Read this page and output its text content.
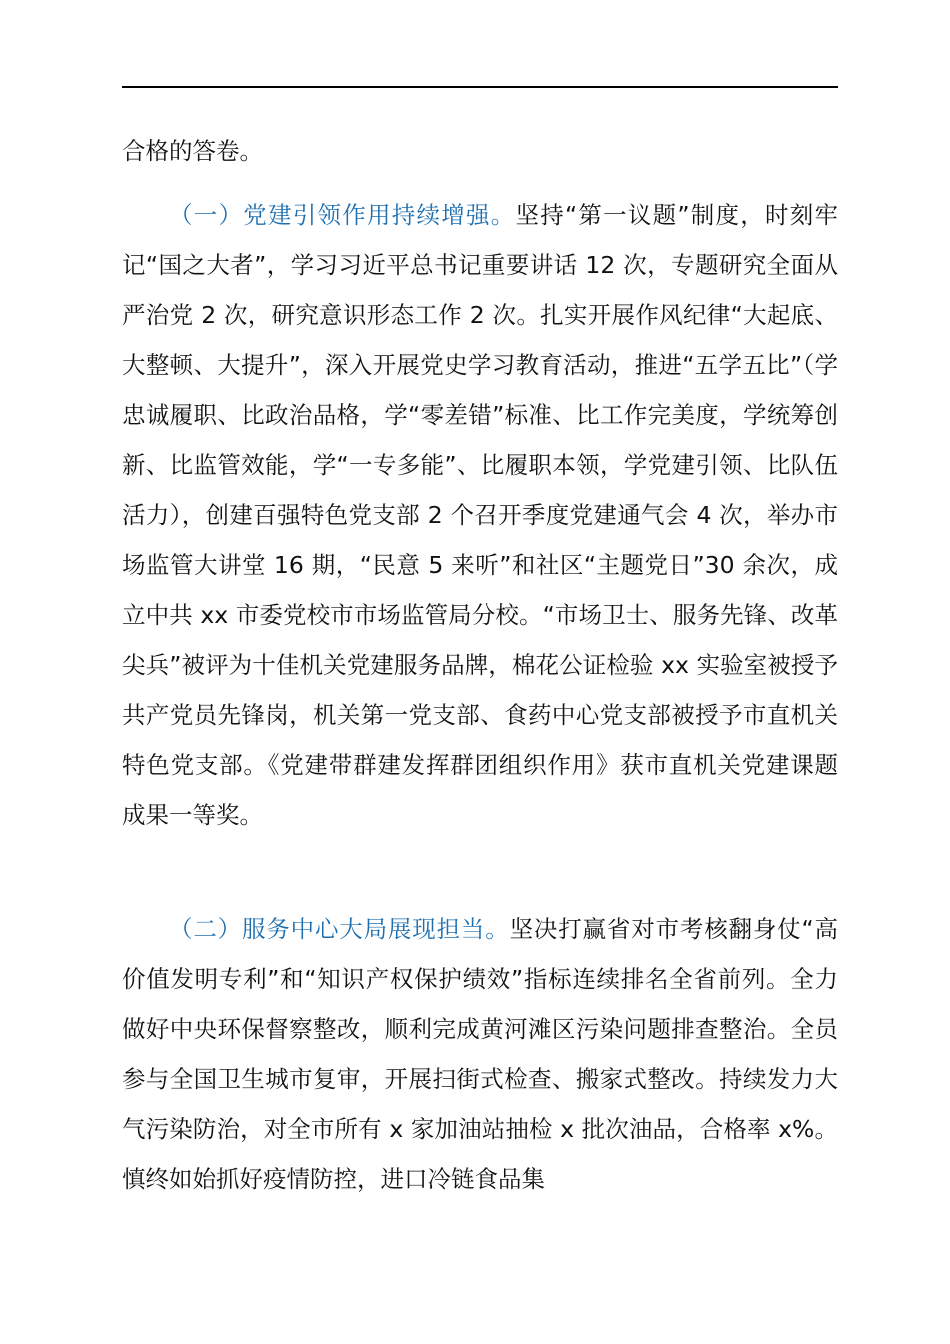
合格的答卷。

（一）党建引领作用持续增强。坚持“第一议题”制度，时刻牢记“国之大者”，学习习近平总书记重要讲话 12 次，专题研究全面从严治党 2 次，研究意识形态工作 2 次。扎实开展作风纪律“大起底、大整顿、大提升”，深入开展党史学习教育活动，推进“五学五比”（学忠诚履职、比政治品格，学“零差错”标准、比工作完美度，学统筹创新、比监管效能，学“一专多能”、比履职本领，学党建引领、比队伍活力），创建百强特色党支部 2 个召开季度党建通气会 4 次，举办市场监管大讲堂 16 期，“民意 5 来听”和社区“主题党日”30 余次，成立中共 xx 市委党校市市场监管局分校。“市场卫士、服务先锋、改革尖兵”被评为十佳机关党建服务品牌，棉花公证检验 xx 实验室被授予共产党员先锋岗，机关第一党支部、食药中心党支部被授予市直机关特色党支部。《党建带群建发挥群团组织作用》获市直机关党建课题成果一等奖。

（二）服务中心大局展现担当。坚决打赢省对市考核翻身仗“高价值发明专利”和“知识产权保护绩效”指标连续排名全省前列。全力做好中央环保督察整改，顺利完成黄河滩区污染问题排查整治。全员参与全国卫生城市复审，开展扫街式检查、搬家式整改。持续发力大气污染防治，对全市所有 x 家加油站抽检 x 批次油品，合格率 x%。慎终如始抓好疫情防控，进口冷链食品集
